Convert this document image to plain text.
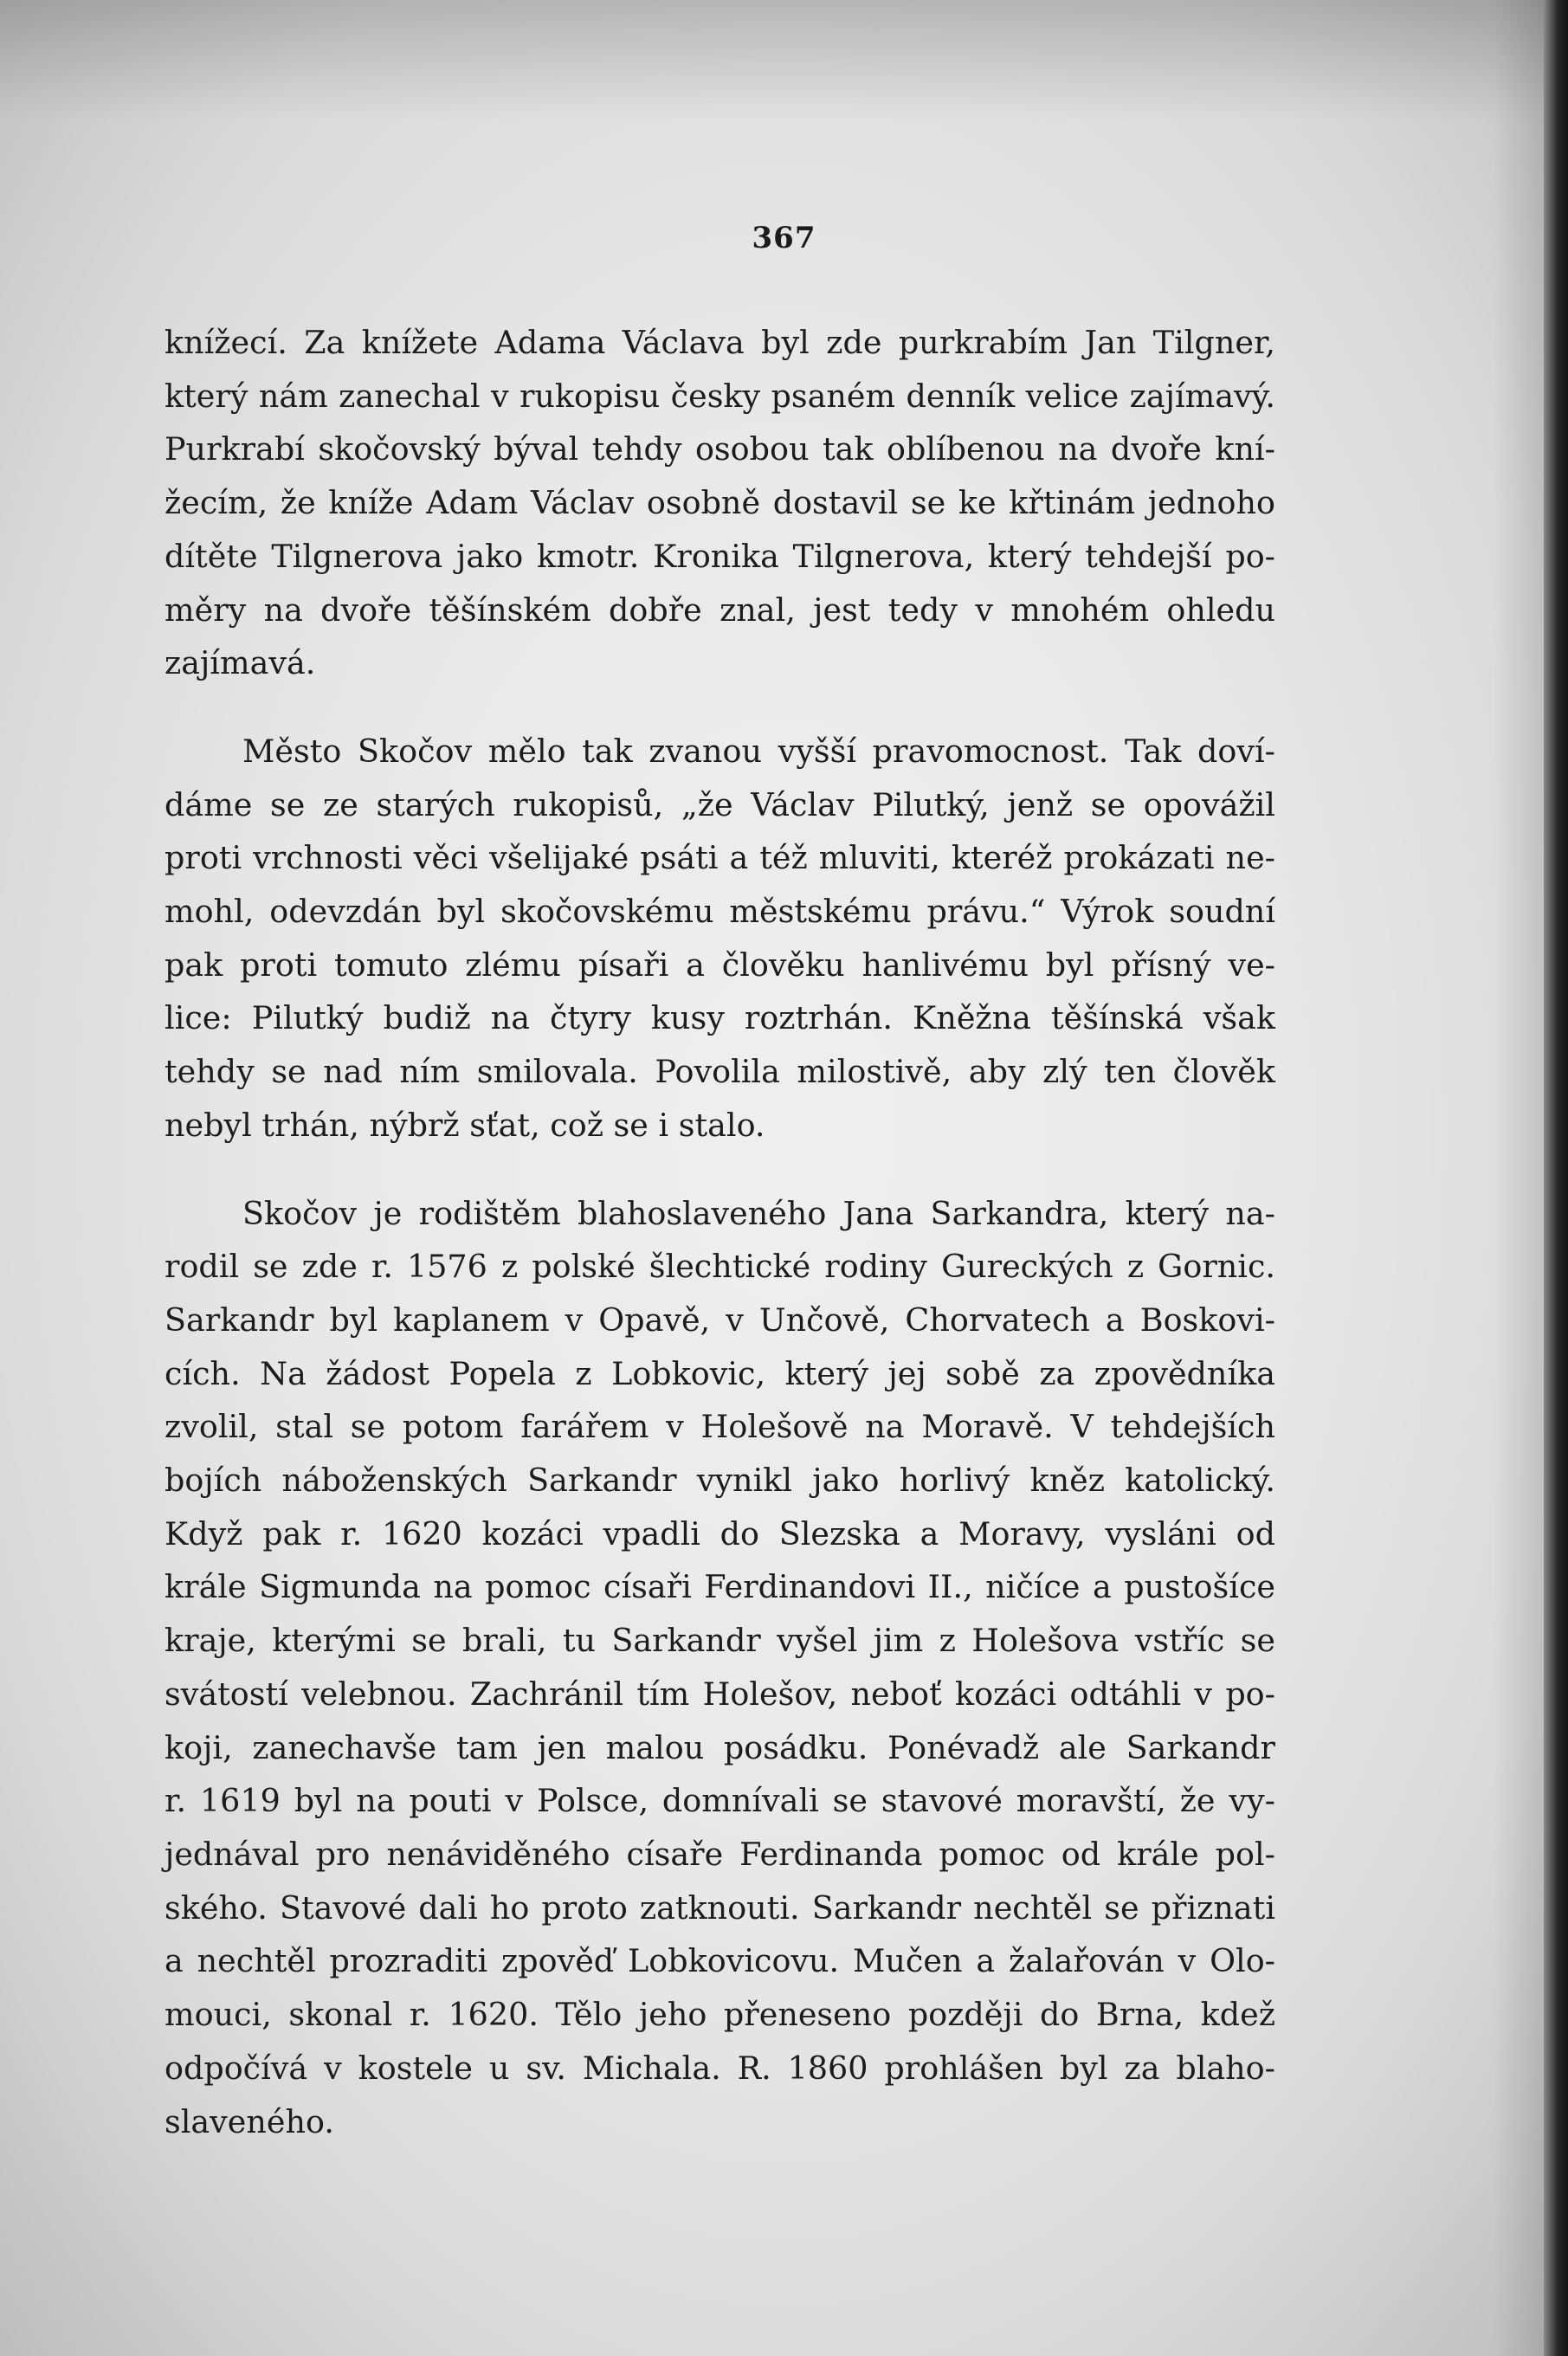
367

knížecí. Za knížete Adama Václava byl zde purkrabím Jan Tilgner,
který nám zanechal v rukopisu česky psaném denník velice zajímavý.
Purkrabí skočovský býval tehdy osobou tak oblíbenou na dvoře kní-
žecím, že kníže Adam Václav osobně dostavil se ke křtinám jednoho
dítěte Tilgnerova jako kmotr. Kronika Tilgnerova, který tehdejší po-
měry na dvoře těšínském dobře znal, jest tedy v mnohém ohledu
zajímavá.

Město Skočov mělo tak zvanou vyšší pravomocnost. Tak doví-
dáme se ze starých rukopisů, „že Václav Pilutký, jenž se opovážil
proti vrchnosti věci všelijaké psáti a též mluviti, kteréž prokázati ne-
mohl, odevzdán byl skočovskému městskému právu.“ Výrok soudní
pak proti tomuto zlému písaři a člověku hanlivému byl přísný ve-
lice: Pilutký budiž na čtyry kusy roztrhán. Kněžna těšínská však
tehdy se nad ním smilovala. Povolila milostivě, aby zlý ten člověk
nebyl trhán, nýbrž sťat, což se i stalo.

Skočov je rodištěm blahoslaveného Jana Sarkandra, který na-
rodil se zde r. 1576 z polské šlechtické rodiny Gureckých z Gornic.
Sarkandr byl kaplanem v Opavě, v Unčově, Chorvatech a Boskovi-
cích. Na žádost Popela z Lobkovic, který jej sobě za zpovědníka
zvolil, stal se potom farářem v Holešově na Moravě. V tehdejších
bojích náboženských Sarkandr vynikl jako horlivý kněz katolický.
Když pak r. 1620 kozáci vpadli do Slezska a Moravy, vysláni od
krále Sigmunda na pomoc císaři Ferdinandovi II., ničíce a pustošíce
kraje, kterými se brali, tu Sarkandr vyšel jim z Holešova vstříc se
svátostí velebnou. Zachránil tím Holešov, neboť kozáci odtáhli v po-
koji, zanechavše tam jen malou posádku. Ponévadž ale Sarkandr
r. 1619 byl na pouti v Polsce, domnívali se stavové moravští, že vy-
jednával pro nenáviděného císaře Ferdinanda pomoc od krále pol-
ského. Stavové dali ho proto zatknouti. Sarkandr nechtěl se přiznati
a nechtěl prozraditi zpověď Lobkovicovu. Mučen a žalařován v Olo-
mouci, skonal r. 1620. Tělo jeho přeneseno později do Brna, kdež
odpočívá v kostele u sv. Michala. R. 1860 prohlášen byl za blaho-
slaveného.
